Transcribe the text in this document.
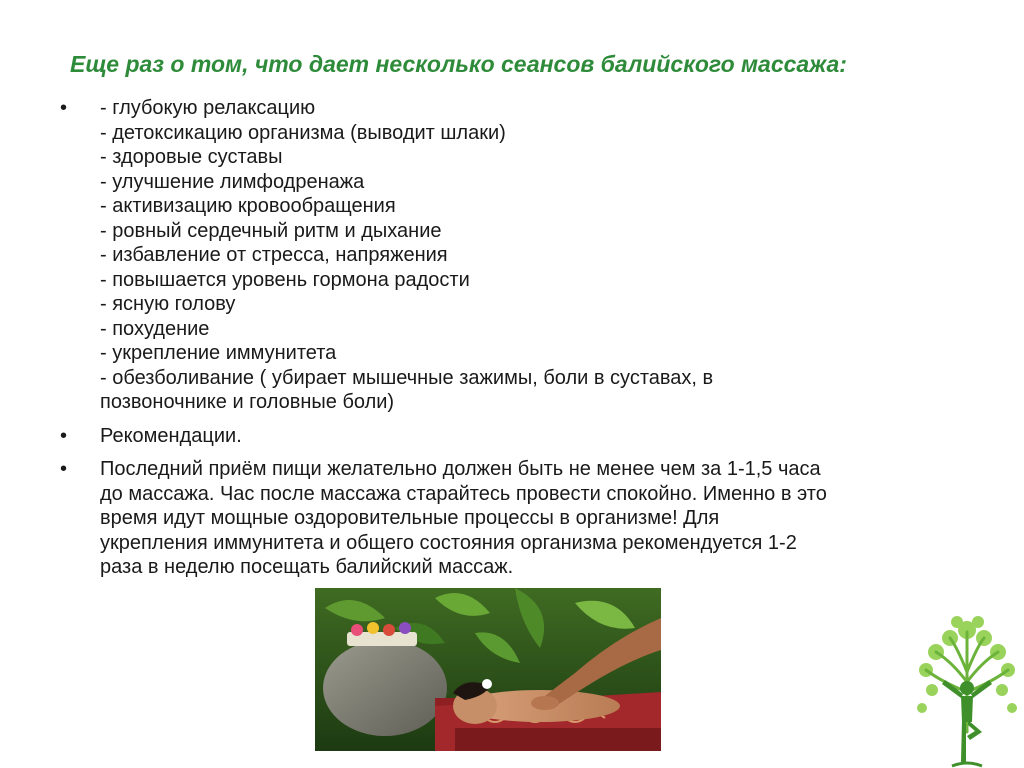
Еще раз о том, что дает несколько сеансов балийского массажа:
•	- глубокую релаксацию
- детоксикацию организма (выводит шлаки)
- здоровые суставы
- улучшение лимфодренажа
- активизацию кровообращения
- ровный сердечный ритм и дыхание
- избавление от стресса, напряжения
- повышается уровень гормона радости
- ясную голову
- похудение
- укрепление иммунитета
- обезболивание ( убирает мышечные зажимы, боли в суставах, в
позвоночнике и головные боли)
•	Рекомендации.
•	Последний приём пищи желательно должен быть не менее чем за 1-1,5 часа
до массажа. Час после массажа старайтесь провести спокойно. Именно в это
время идут мощные оздоровительные процессы в организме! Для
укрепления иммунитета и общего состояния организма рекомендуется 1-2
раза в неделю посещать балийский массаж.
